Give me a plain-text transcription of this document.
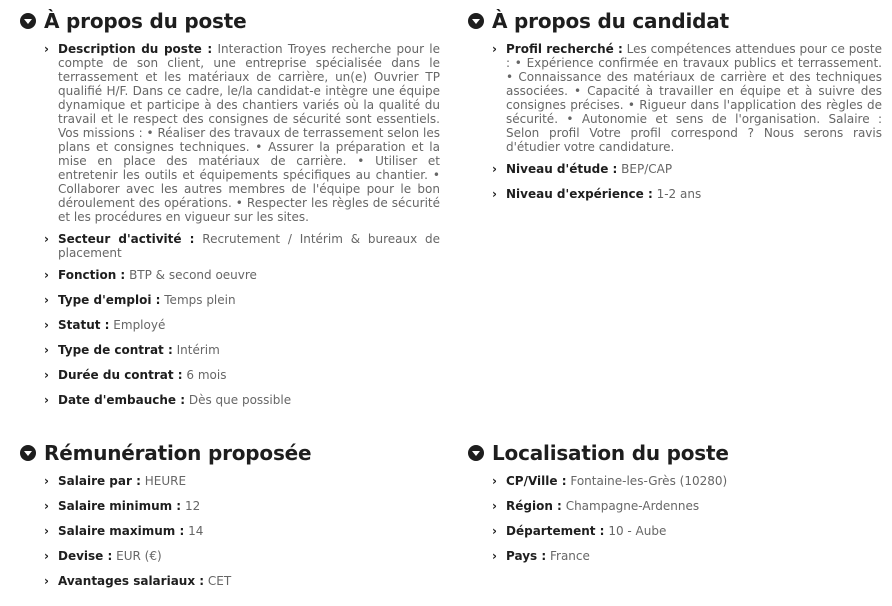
À propos du poste
› Description du poste : Interaction Troyes recherche pour le compte de son client, une entreprise spécialisée dans le terrassement et les matériaux de carrière, un(e) Ouvrier TP qualifié H/F. Dans ce cadre, le/la candidat-e intègre une équipe dynamique et participe à des chantiers variés où la qualité du travail et le respect des consignes de sécurité sont essentiels. Vos missions : • Réaliser des travaux de terrassement selon les plans et consignes techniques. • Assurer la préparation et la mise en place des matériaux de carrière. • Utiliser et entretenir les outils et équipements spécifiques au chantier. • Collaborer avec les autres membres de l'équipe pour le bon déroulement des opérations. • Respecter les règles de sécurité et les procédures en vigueur sur les sites.
› Secteur d'activité : Recrutement / Intérim & bureaux de placement
› Fonction : BTP & second oeuvre
› Type d'emploi : Temps plein
› Statut : Employé
› Type de contrat : Intérim
› Durée du contrat : 6 mois
› Date d'embauche : Dès que possible
À propos du candidat
› Profil recherché : Les compétences attendues pour ce poste : • Expérience confirmée en travaux publics et terrassement. • Connaissance des matériaux de carrière et des techniques associées. • Capacité à travailler en équipe et à suivre des consignes précises. • Rigueur dans l'application des règles de sécurité. • Autonomie et sens de l'organisation. Salaire : Selon profil Votre profil correspond ? Nous serons ravis d'étudier votre candidature.
› Niveau d'étude : BEP/CAP
› Niveau d'expérience : 1-2 ans
Rémunération proposée
› Salaire par : HEURE
› Salaire minimum : 12
› Salaire maximum : 14
› Devise : EUR (€)
› Avantages salariaux : CET
Localisation du poste
› CP/Ville : Fontaine-les-Grès (10280)
› Région : Champagne-Ardennes
› Département : 10 - Aube
› Pays : France
